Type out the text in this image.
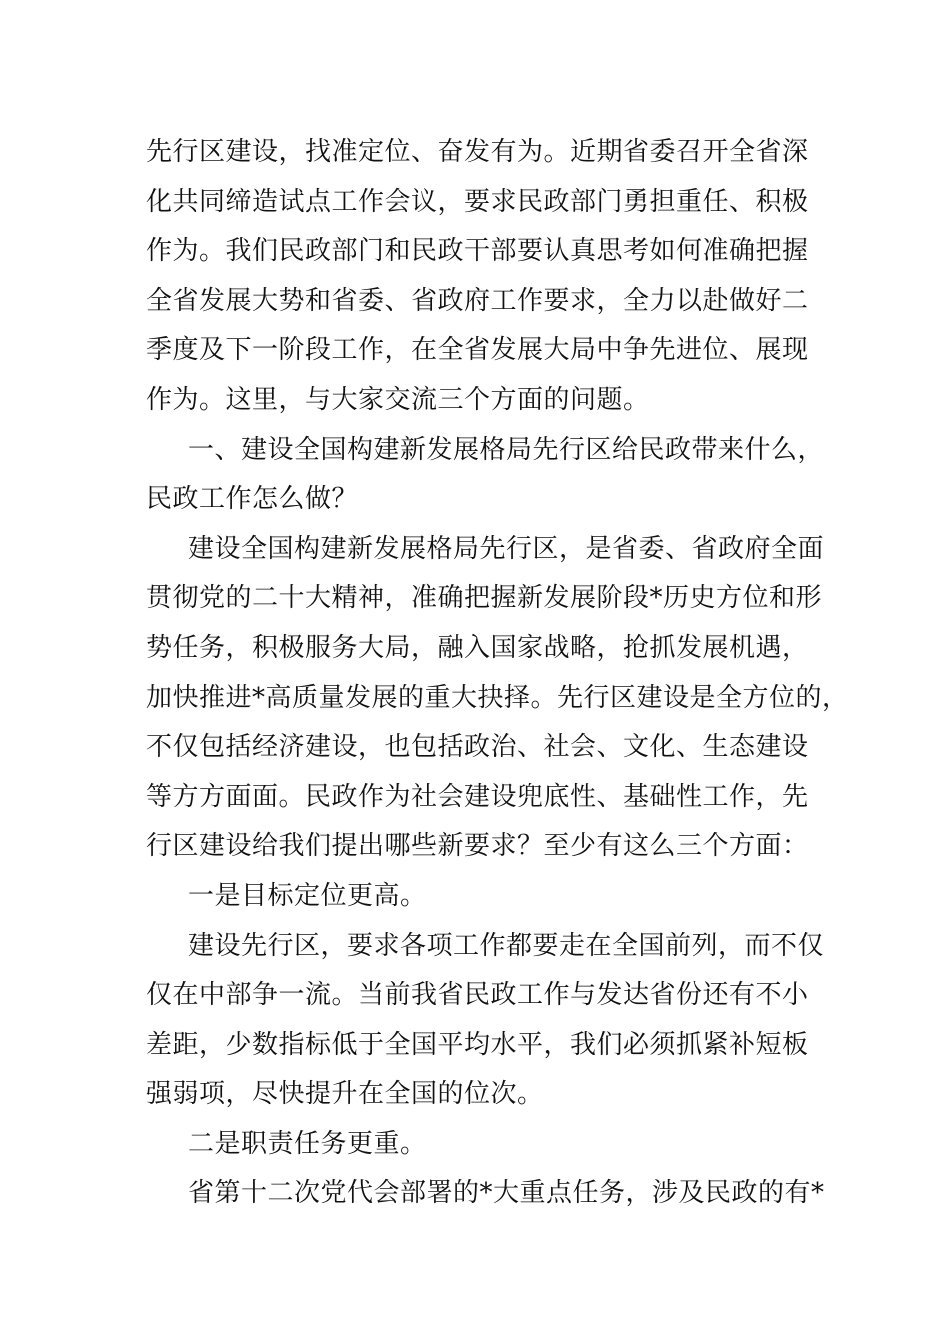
先行区建设，找准定位、奋发有为。近期省委召开全省深
化共同缔造试点工作会议，要求民政部门勇担重任、积极
作为。我们民政部门和民政干部要认真思考如何准确把握
全省发展大势和省委、省政府工作要求，全力以赴做好二
季度及下一阶段工作，在全省发展大局中争先进位、展现
作为。这里，与大家交流三个方面的问题。
一、建设全国构建新发展格局先行区给民政带来什么，
民政工作怎么做？
建设全国构建新发展格局先行区，是省委、省政府全面
贯彻党的二十大精神，准确把握新发展阶段*历史方位和形
势任务，积极服务大局，融入国家战略，抢抓发展机遇，
加快推进*高质量发展的重大抉择。先行区建设是全方位的，
不仅包括经济建设，也包括政治、社会、文化、生态建设
等方方面面。民政作为社会建设兜底性、基础性工作，先
行区建设给我们提出哪些新要求？至少有这么三个方面：
一是目标定位更高。
建设先行区，要求各项工作都要走在全国前列，而不仅
仅在中部争一流。当前我省民政工作与发达省份还有不小
差距，少数指标低于全国平均水平，我们必须抓紧补短板
强弱项，尽快提升在全国的位次。
二是职责任务更重。
省第十二次党代会部署的*大重点任务，涉及民政的有*
